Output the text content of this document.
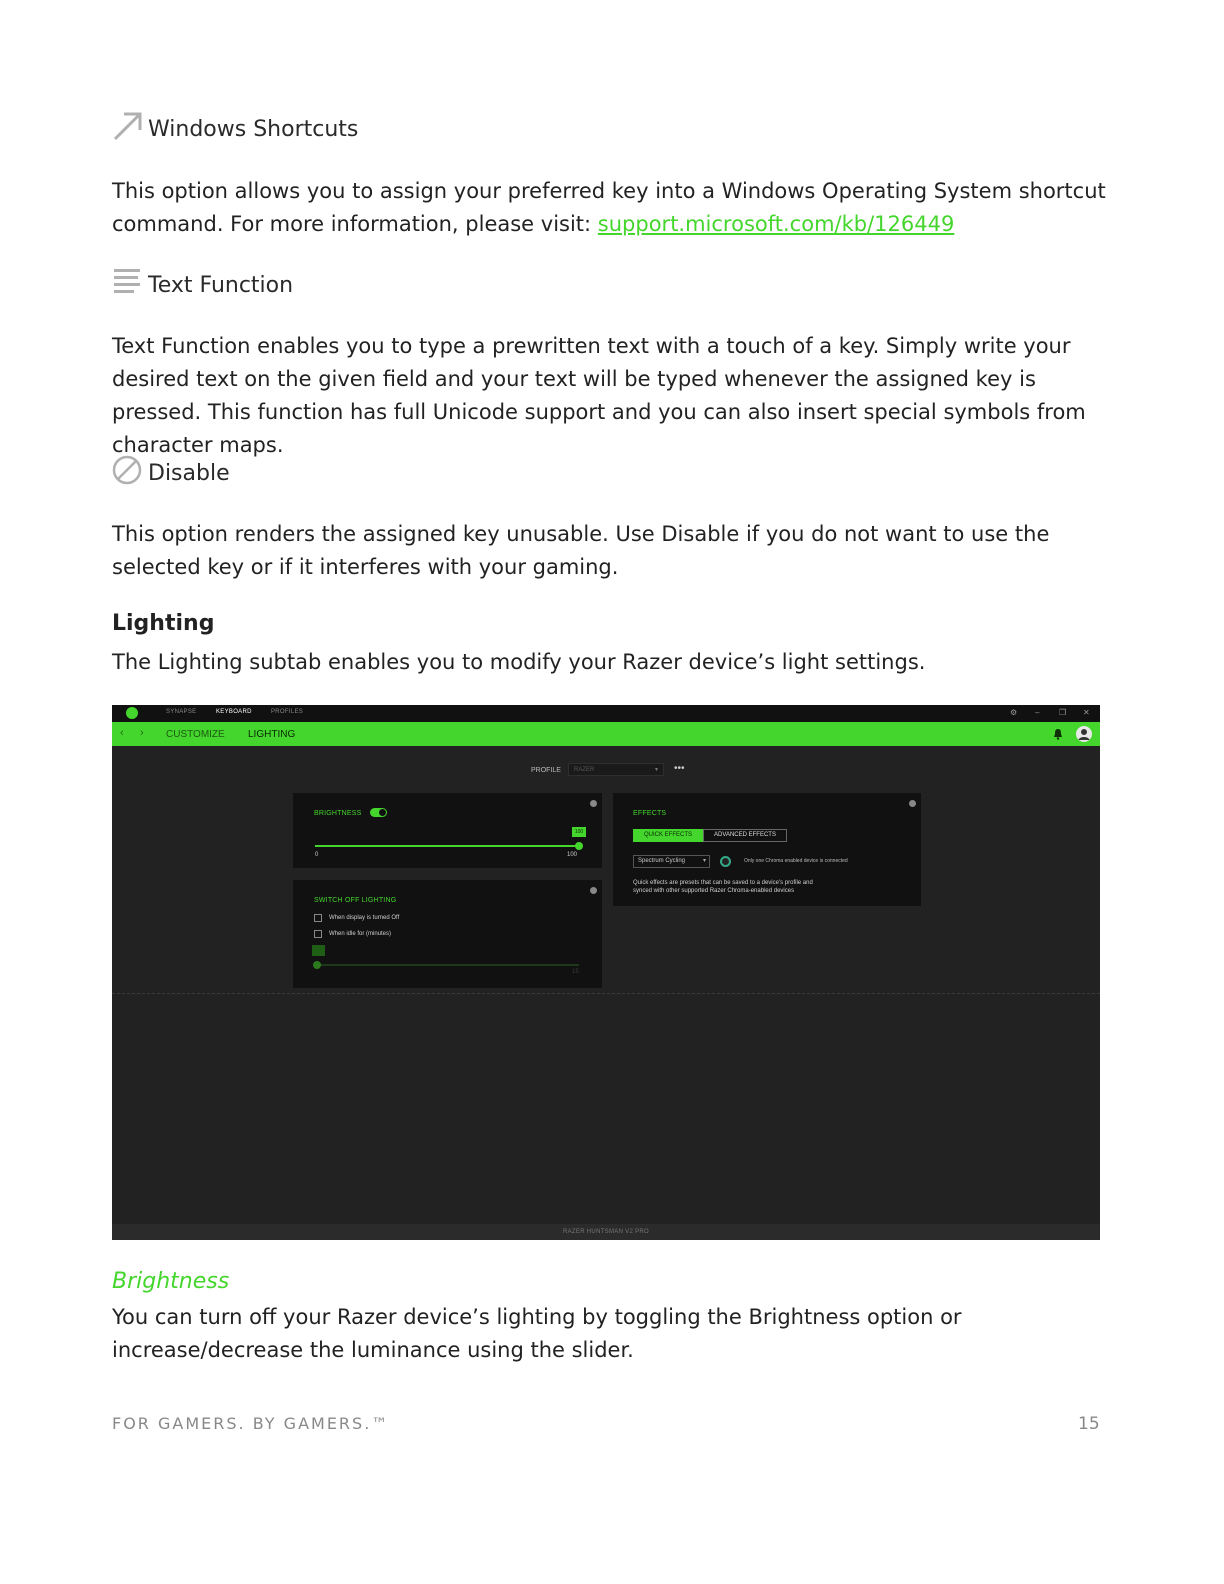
Windows Shortcuts

This option allows you to assign your preferred key into a Windows Operating System shortcut command. For more information, please visit: support.microsoft.com/kb/126449

Text Function

Text Function enables you to type a prewritten text with a touch of a key. Simply write your desired text on the given field and your text will be typed whenever the assigned key is pressed. This function has full Unicode support and you can also insert special symbols from character maps.

Disable

This option renders the assigned key unusable. Use Disable if you do not want to use the selected key or if it interferes with your gaming.

Lighting

The Lighting subtab enables you to modify your Razer device’s light settings.

SYNAPSE	KEYBOARD	PROFILES	⚙ – ❐ ✕
‹ › CUSTOMIZE LIGHTING
PROFILE	RAZER	▾ •••
BRIGHTNESS
100
0	100
SWITCH OFF LIGHTING
When display is turned Off
When idle for (minutes)
15
EFFECTS
QUICK EFFECTS	ADVANCED EFFECTS
Spectrum Cycling	▾	Only one Chroma enabled device is connected
Quick effects are presets that can be saved to a device's profile and
synced with other supported Razer Chroma-enabled devices
RAZER HUNTSMAN V2 PRO
Brightness

You can turn off your Razer device’s lighting by toggling the Brightness option or increase/decrease the luminance using the slider.

FOR GAMERS. BY GAMERS.™	15
